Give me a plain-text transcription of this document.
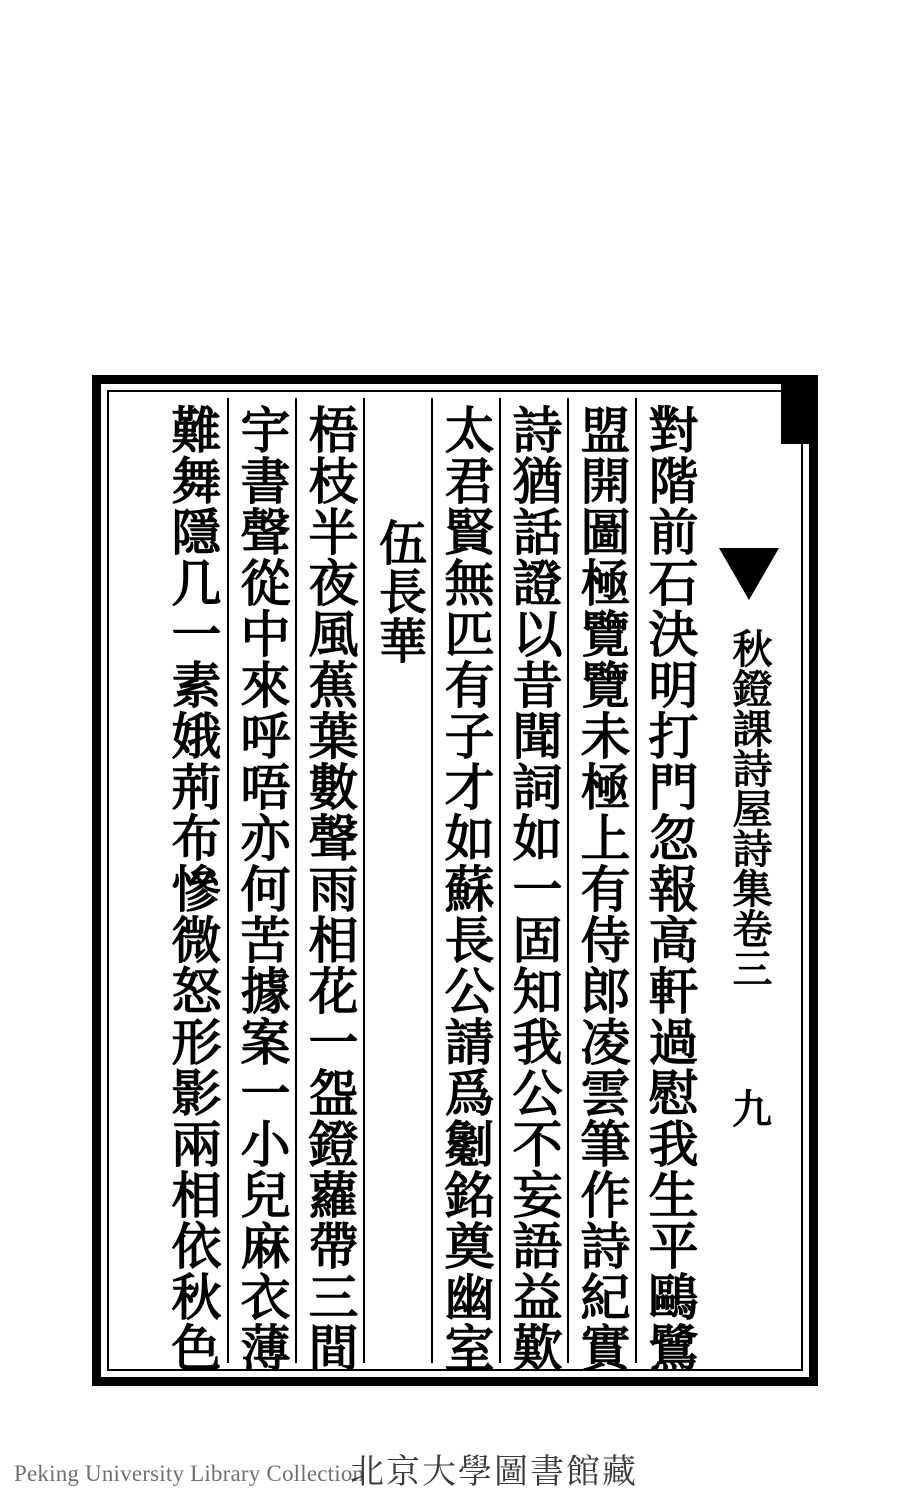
秋鐙課詩屋詩集卷三
九
對階前石決明打門忽報高軒過慰我生平鷗鷺
盟開圖極覽覽未極上有侍郎凌雲筆作詩紀實
詩猶話證以昔聞詞如一固知我公不妄語益歎
太君賢無匹有子才如蘇長公請爲劖銘奠幽室
伍長華
梧枝半夜風蕉葉數聲雨相花一盌鐙蘿帶三間
宇書聲從中來呼唔亦何苦據案一小兒麻衣薄
難舞隱几一素娥荊布慘微怒形影兩相依秋色
Peking University Library Collection
北京大學圖書館藏
